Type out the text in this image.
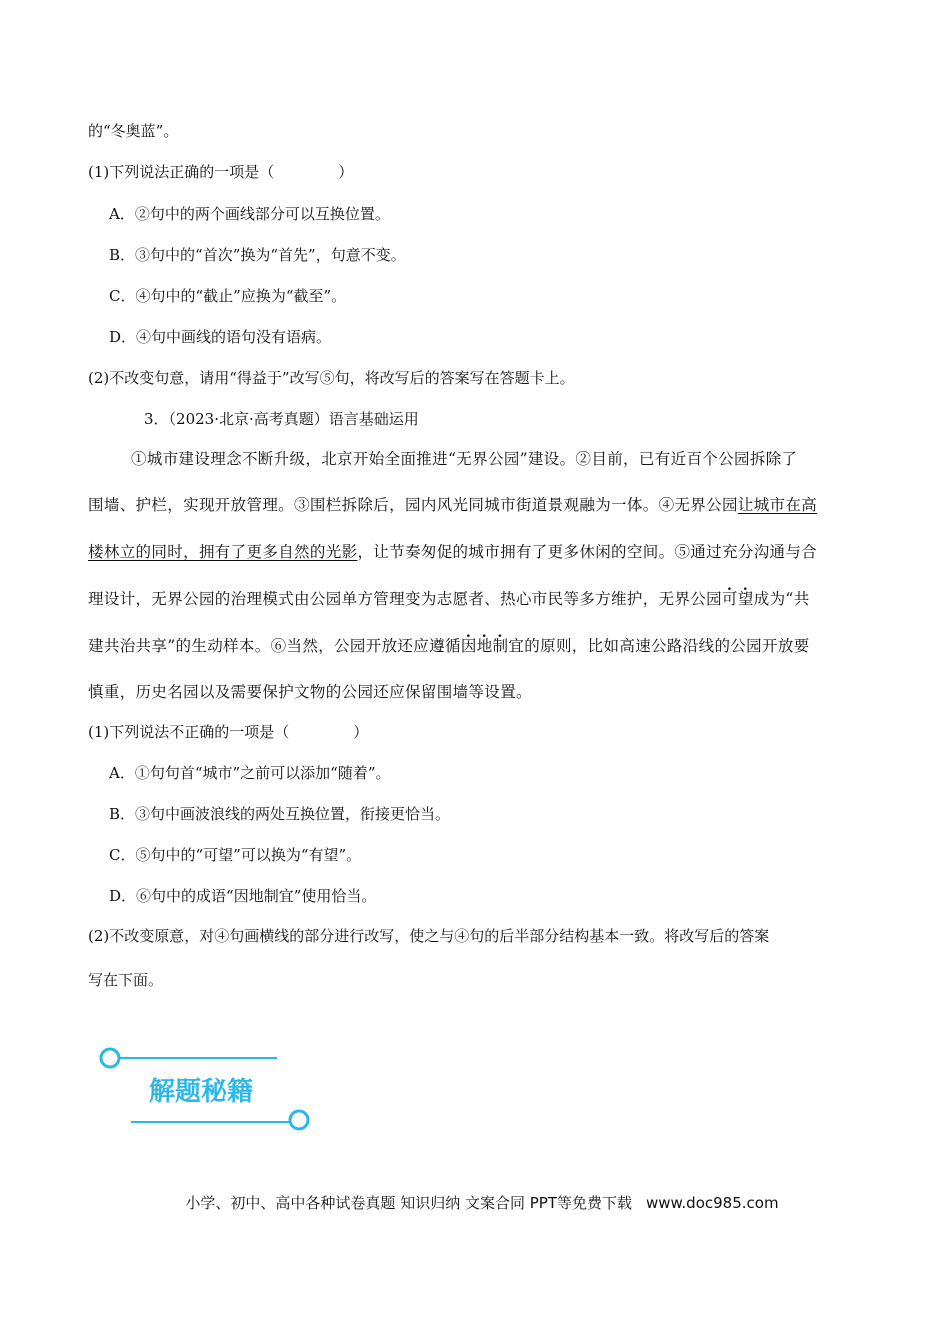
的“冬奥蓝”。
(1)下列说法正确的一项是（	）
A．②句中的两个画线部分可以互换位置。
B．③句中的“首次”换为“首先”，句意不变。
C．④句中的“截止”应换为“截至”。
D．④句中画线的语句没有语病。
(2)不改变句意，请用“得益于”改写⑤句，将改写后的答案写在答题卡上。
3．（2023·北京·高考真题）语言基础运用
①城市建设理念不断升级，北京开始全面推进“无界公园”建设。②目前，已有近百个公园拆除了
围墙、护栏，实现开放管理。③围栏拆除后，园内风光同城市街道景观融为一体。④无界公园让城市在高
楼林立的同时，拥有了更多自然的光影，让节奏匆促的城市拥有了更多休闲的空间。⑤通过充分沟通与合
理设计，无界公园的治理模式由公园单方管理变为志愿者、热心市民等多方维护，无界公园可望成为“共
建共治共享”的生动样本。⑥当然，公园开放还应遵循因地制宜的原则，比如高速公路沿线的公园开放要
慎重，历史名园以及需要保护文物的公园还应保留围墙等设置。
(1)下列说法不正确的一项是（	）
A．①句句首“城市”之前可以添加“随着”。
B．③句中画波浪线的两处互换位置，衔接更恰当。
C．⑤句中的“可望”可以换为“有望”。
D．⑥句中的成语“因地制宜”使用恰当。
(2)不改变原意，对④句画横线的部分进行改写，使之与④句的后半部分结构基本一致。将改写后的答案
写在下面。
解题秘籍
小学、初中、高中各种试卷真题 知识归纳 文案合同 PPT等免费下载 www.doc985.com
